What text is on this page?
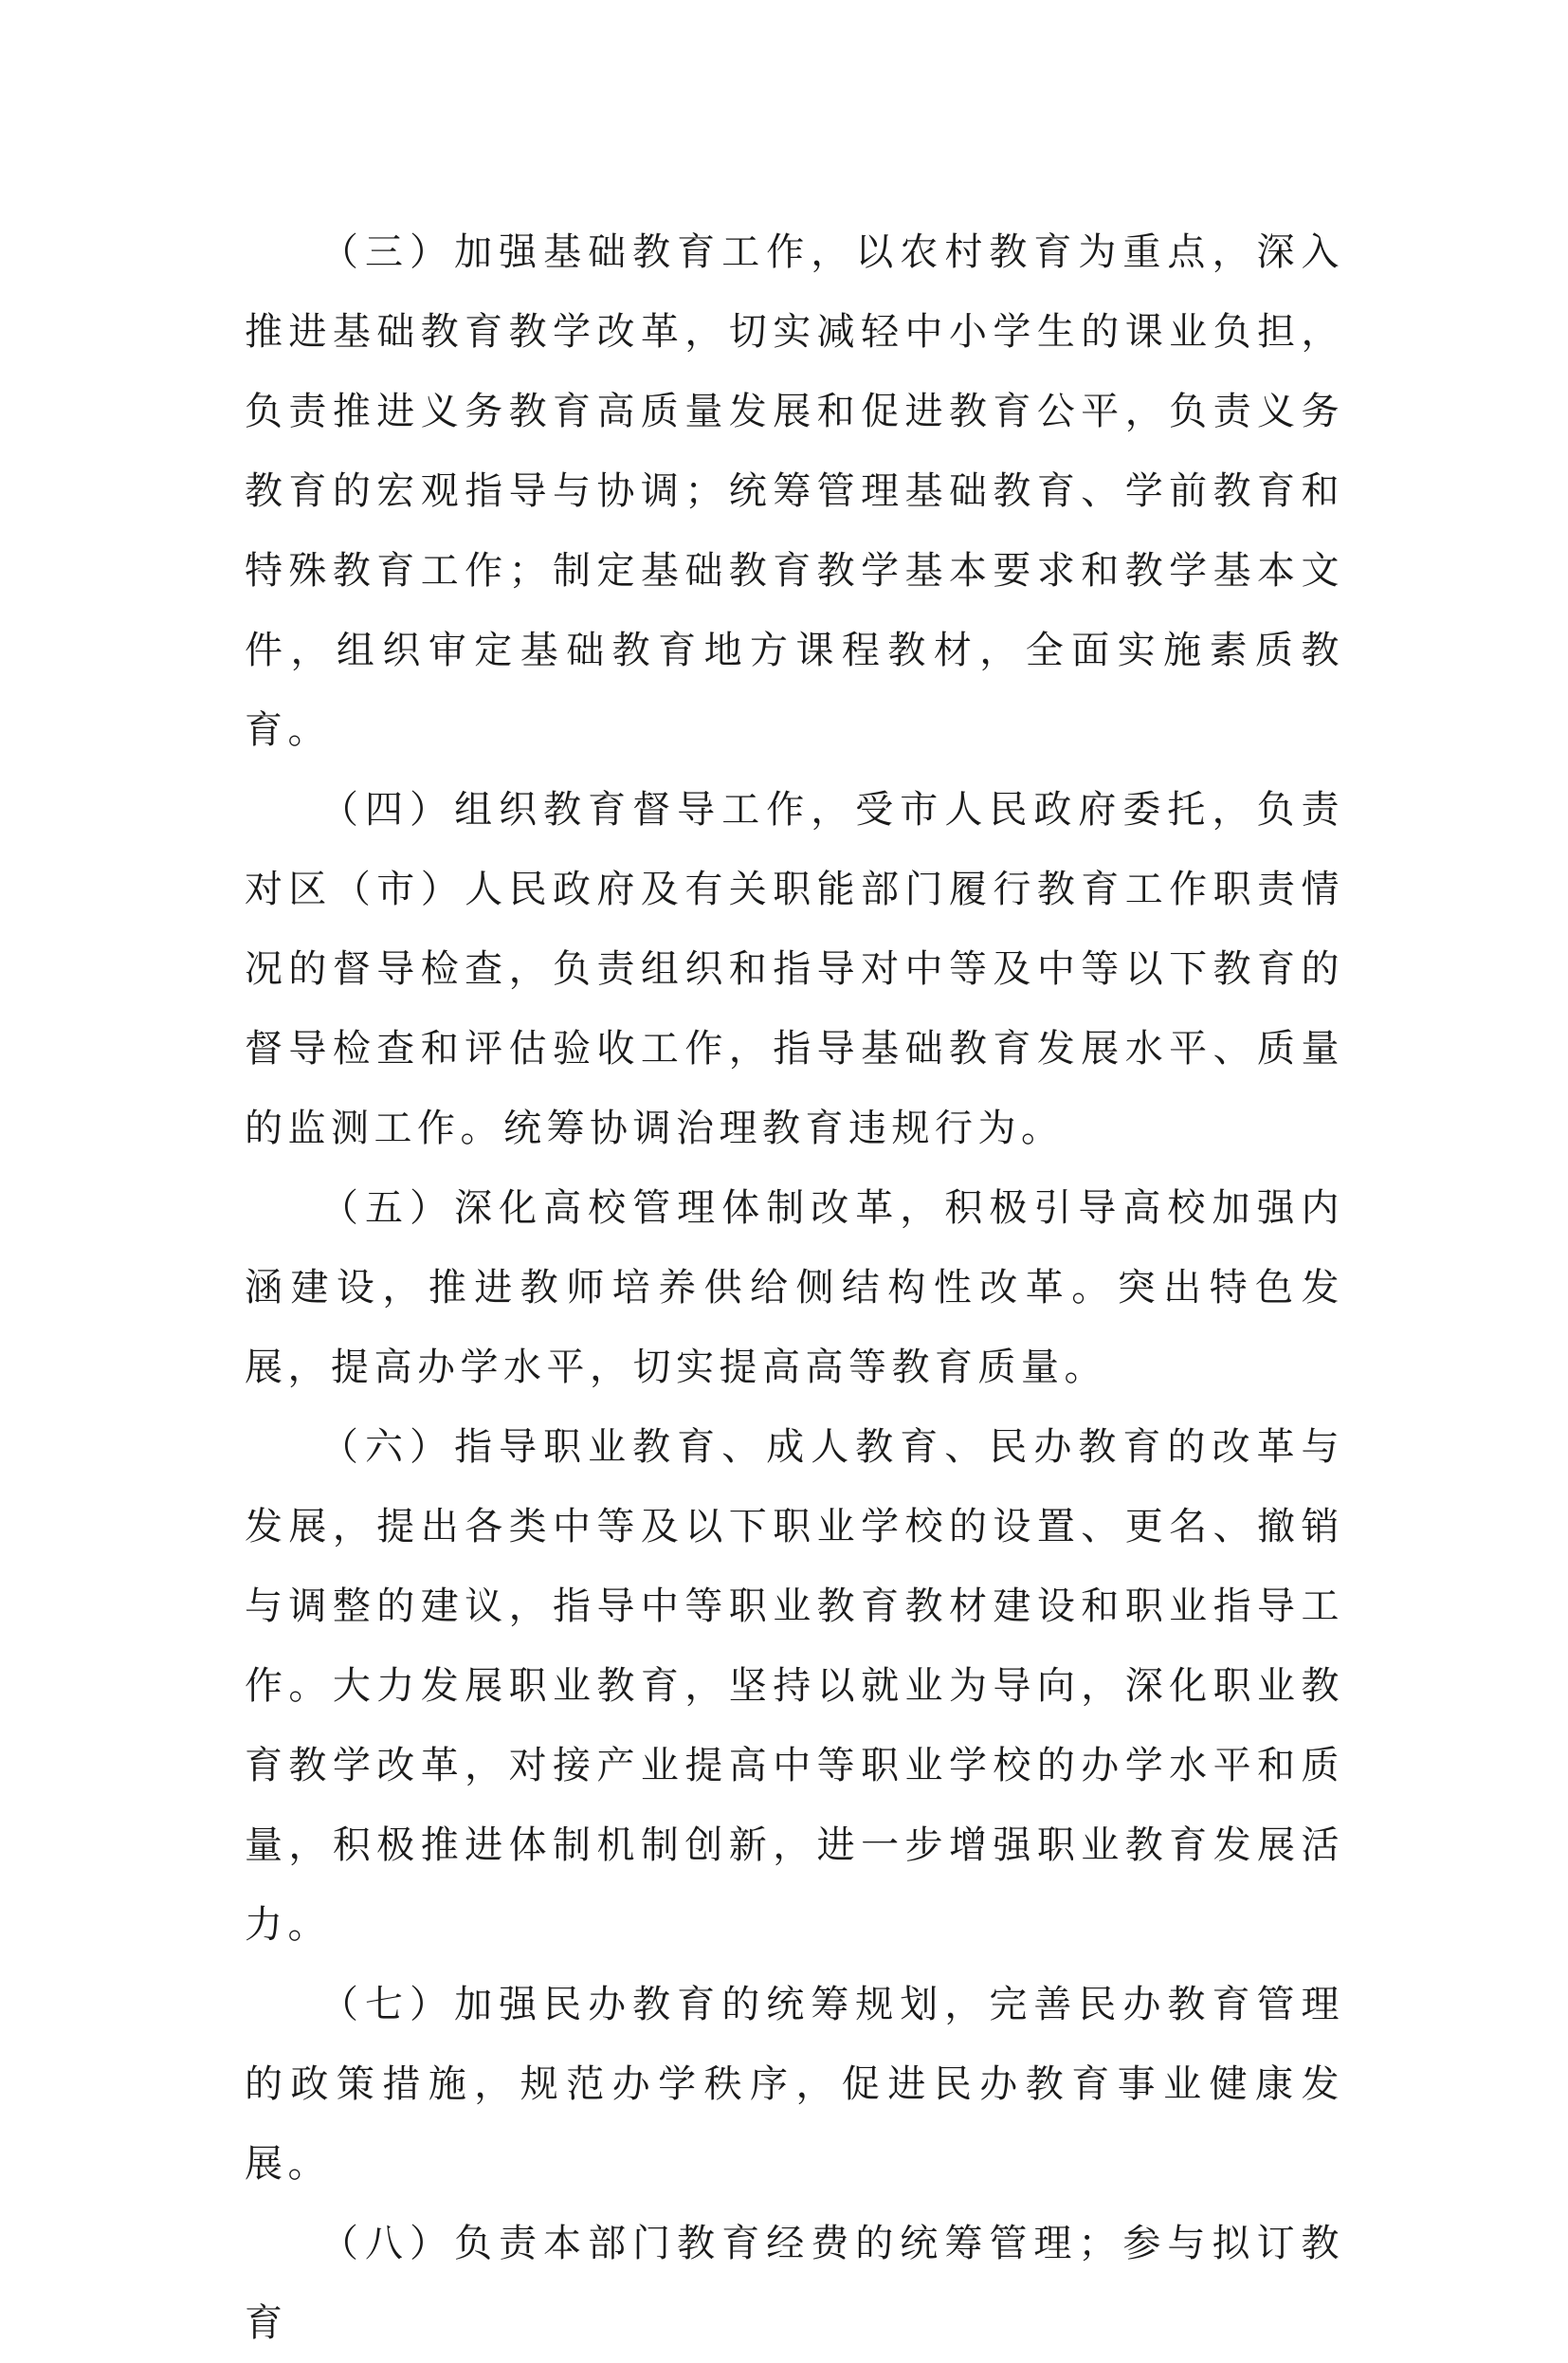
（三）加强基础教育工作，以农村教育为重点，深入推进基础教育教学改革，切实减轻中小学生的课业负担，负责推进义务教育高质量发展和促进教育公平，负责义务教育的宏观指导与协调；统筹管理基础教育、学前教育和特殊教育工作；制定基础教育教学基本要求和教学基本文件，组织审定基础教育地方课程教材，全面实施素质教育。

（四）组织教育督导工作，受市人民政府委托，负责对区（市）人民政府及有关职能部门履行教育工作职责情况的督导检查，负责组织和指导对中等及中等以下教育的督导检查和评估验收工作，指导基础教育发展水平、质量的监测工作。统筹协调治理教育违规行为。

（五）深化高校管理体制改革，积极引导高校加强内涵建设，推进教师培养供给侧结构性改革。突出特色发展，提高办学水平，切实提高高等教育质量。

（六）指导职业教育、成人教育、民办教育的改革与发展，提出各类中等及以下职业学校的设置、更名、撤销与调整的建议，指导中等职业教育教材建设和职业指导工作。大力发展职业教育，坚持以就业为导向，深化职业教育教学改革，对接产业提高中等职业学校的办学水平和质量，积极推进体制机制创新，进一步增强职业教育发展活力。

（七）加强民办教育的统筹规划，完善民办教育管理的政策措施，规范办学秩序，促进民办教育事业健康发展。

（八）负责本部门教育经费的统筹管理；参与拟订教育
